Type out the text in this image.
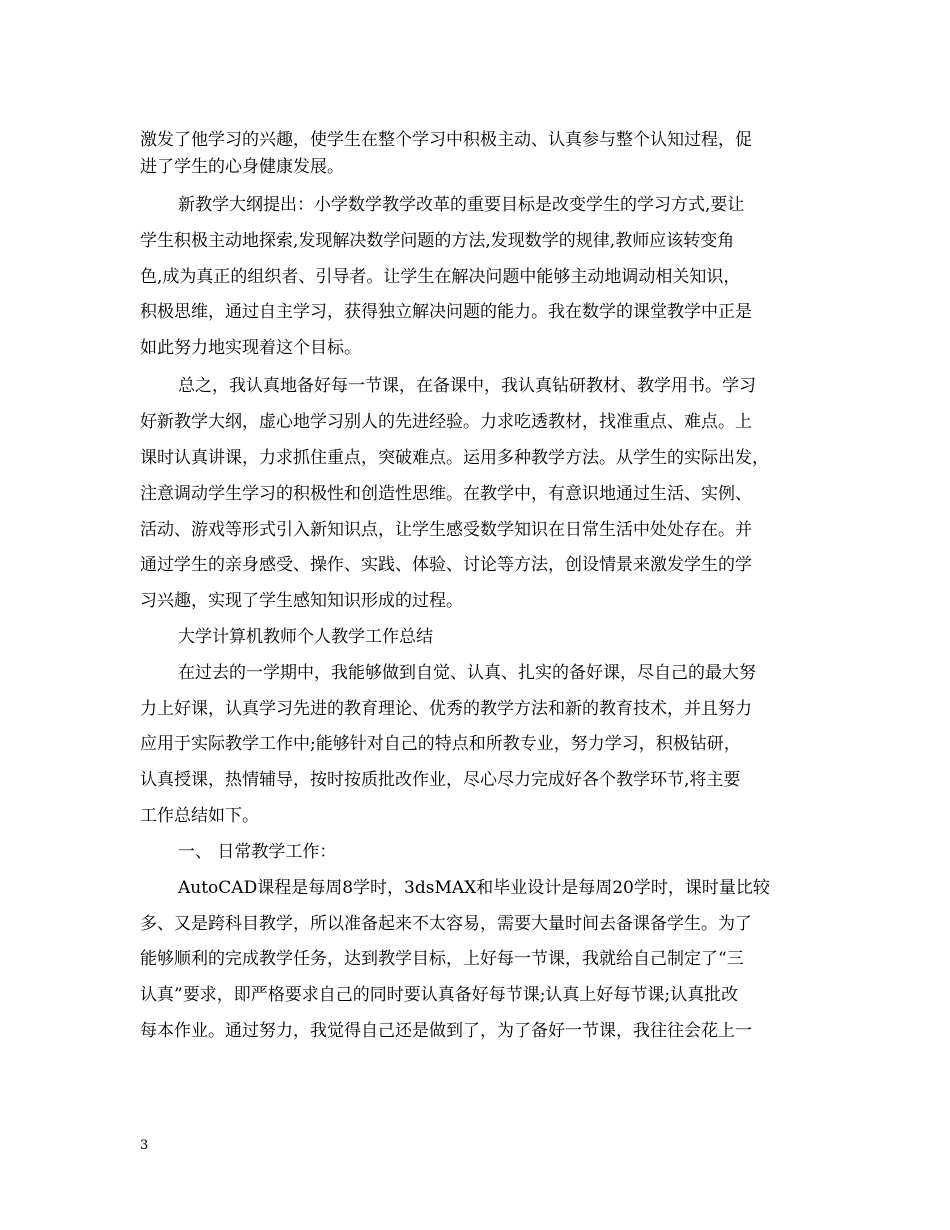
激发了他学习的兴趣，使学生在整个学习中积极主动、认真参与整个认知过程，促
进了学生的心身健康发展。
新教学大纲提出：小学数学教学改革的重要目标是改变学生的学习方式,要让
学生积极主动地探索,发现解决数学问题的方法,发现数学的规律,教师应该转变角
色,成为真正的组织者、引导者。让学生在解决问题中能够主动地调动相关知识，
积极思维，通过自主学习，获得独立解决问题的能力。我在数学的课堂教学中正是
如此努力地实现着这个目标。
总之，我认真地备好每一节课，在备课中，我认真钻研教材、教学用书。学习
好新教学大纲，虚心地学习别人的先进经验。力求吃透教材，找准重点、难点。上
课时认真讲课，力求抓住重点，突破难点。运用多种教学方法。从学生的实际出发，
注意调动学生学习的积极性和创造性思维。在教学中，有意识地通过生活、实例、
活动、游戏等形式引入新知识点，让学生感受数学知识在日常生活中处处存在。并
通过学生的亲身感受、操作、实践、体验、讨论等方法，创设情景来激发学生的学
习兴趣，实现了学生感知知识形成的过程。
大学计算机教师个人教学工作总结
在过去的一学期中，我能够做到自觉、认真、扎实的备好课，尽自己的最大努
力上好课，认真学习先进的教育理论、优秀的教学方法和新的教育技术，并且努力
应用于实际教学工作中;能够针对自己的特点和所教专业，努力学习，积极钻研，
认真授课，热情辅导，按时按质批改作业，尽心尽力完成好各个教学环节,将主要
工作总结如下。
一、 日常教学工作：
AutoCAD课程是每周8学时，3dsMAX和毕业设计是每周20学时，课时量比较
多、又是跨科目教学，所以准备起来不太容易，需要大量时间去备课备学生。为了
能够顺利的完成教学任务，达到教学目标，上好每一节课，我就给自己制定了“三
认真”要求，即严格要求自己的同时要认真备好每节课;认真上好每节课;认真批改
每本作业。通过努力，我觉得自己还是做到了，为了备好一节课，我往往会花上一
3
